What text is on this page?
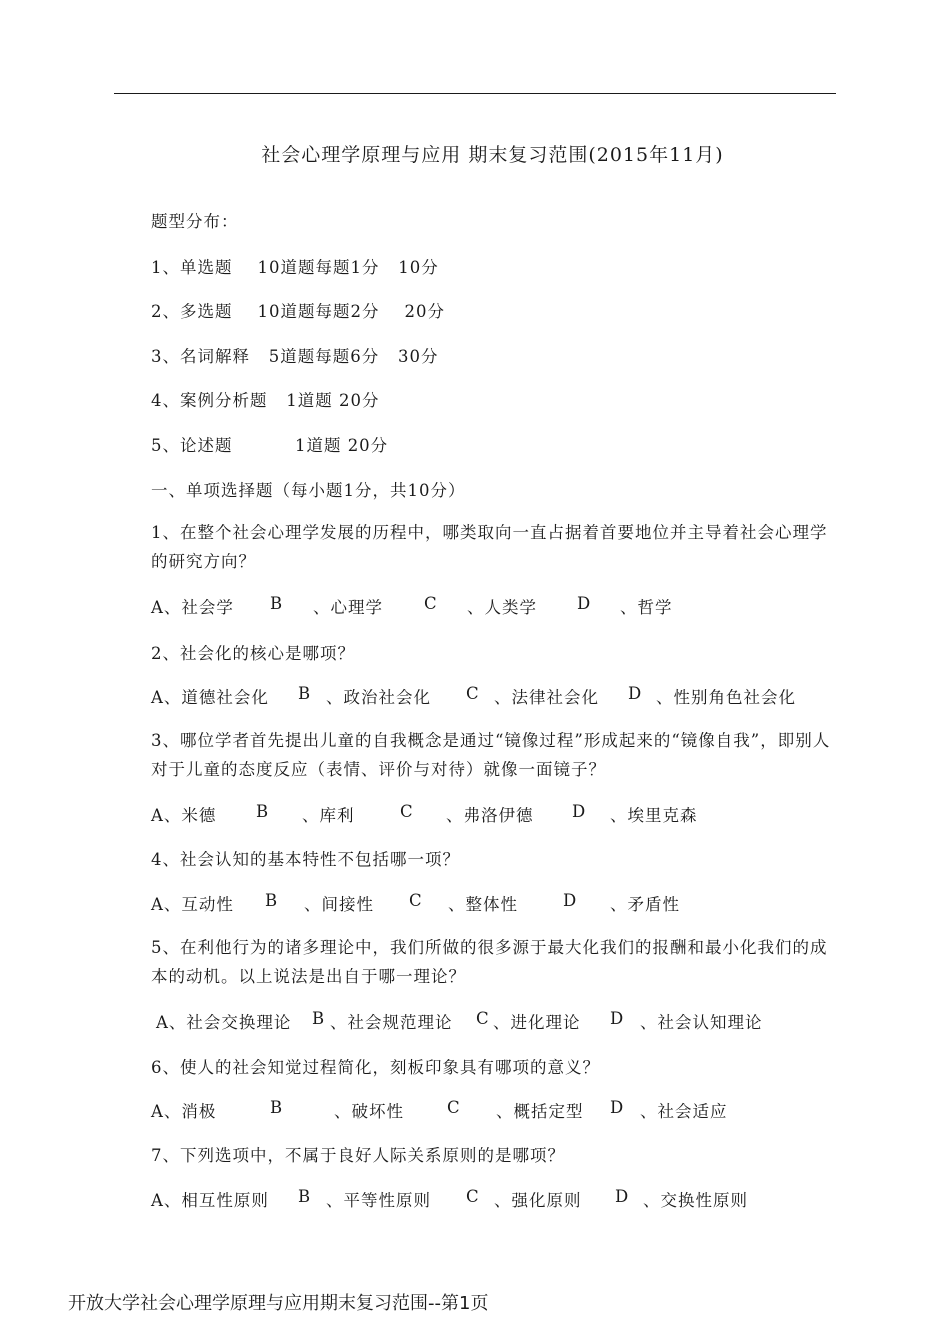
社会心理学原理与应用 期末复习范围(2015年11月)
题型分布：
1、单选题    10道题每题1分   10分
2、多选题    10道题每题2分    20分
3、名词解释   5道题每题6分   30分
4、案例分析题   1道题 20分
5、论述题          1道题 20分
一、单项选择题（每小题1分，共10分）
1、在整个社会心理学发展的历程中，哪类取向一直占据着首要地位并主导着社会心理学的研究方向？
A、社会学 B 、心理学 C 、人类学 D 、哲学
2、社会化的核心是哪项？
A、道德社会化 B 、政治社会化 C 、法律社会化 D 、性别角色社会化
3、哪位学者首先提出儿童的自我概念是通过“镜像过程”形成起来的“镜像自我”，即别人对于儿童的态度反应（表情、评价与对待）就像一面镜子？
A、米德 B 、库利	C 、弗洛伊德 D 、埃里克森
4、社会认知的基本特性不包括哪一项？
A、互动性 B 、间接性 C 、整体性	D 、矛盾性
5、在利他行为的诸多理论中，我们所做的很多源于最大化我们的报酬和最小化我们的成本的动机。以上说法是出自于哪一理论？
A、社会交换理论 B 、社会规范理论 C 、进化理论 D 、社会认知理论
6、使人的社会知觉过程简化，刻板印象具有哪项的意义？
A、消极	B	、破坏性	C 、概括定型 D 、社会适应
7、下列选项中，不属于良好人际关系原则的是哪项？
A、相互性原则 B 、平等性原则 C 、强化原则 D 、交换性原则
开放大学社会心理学原理与应用期末复习范围--第1页
